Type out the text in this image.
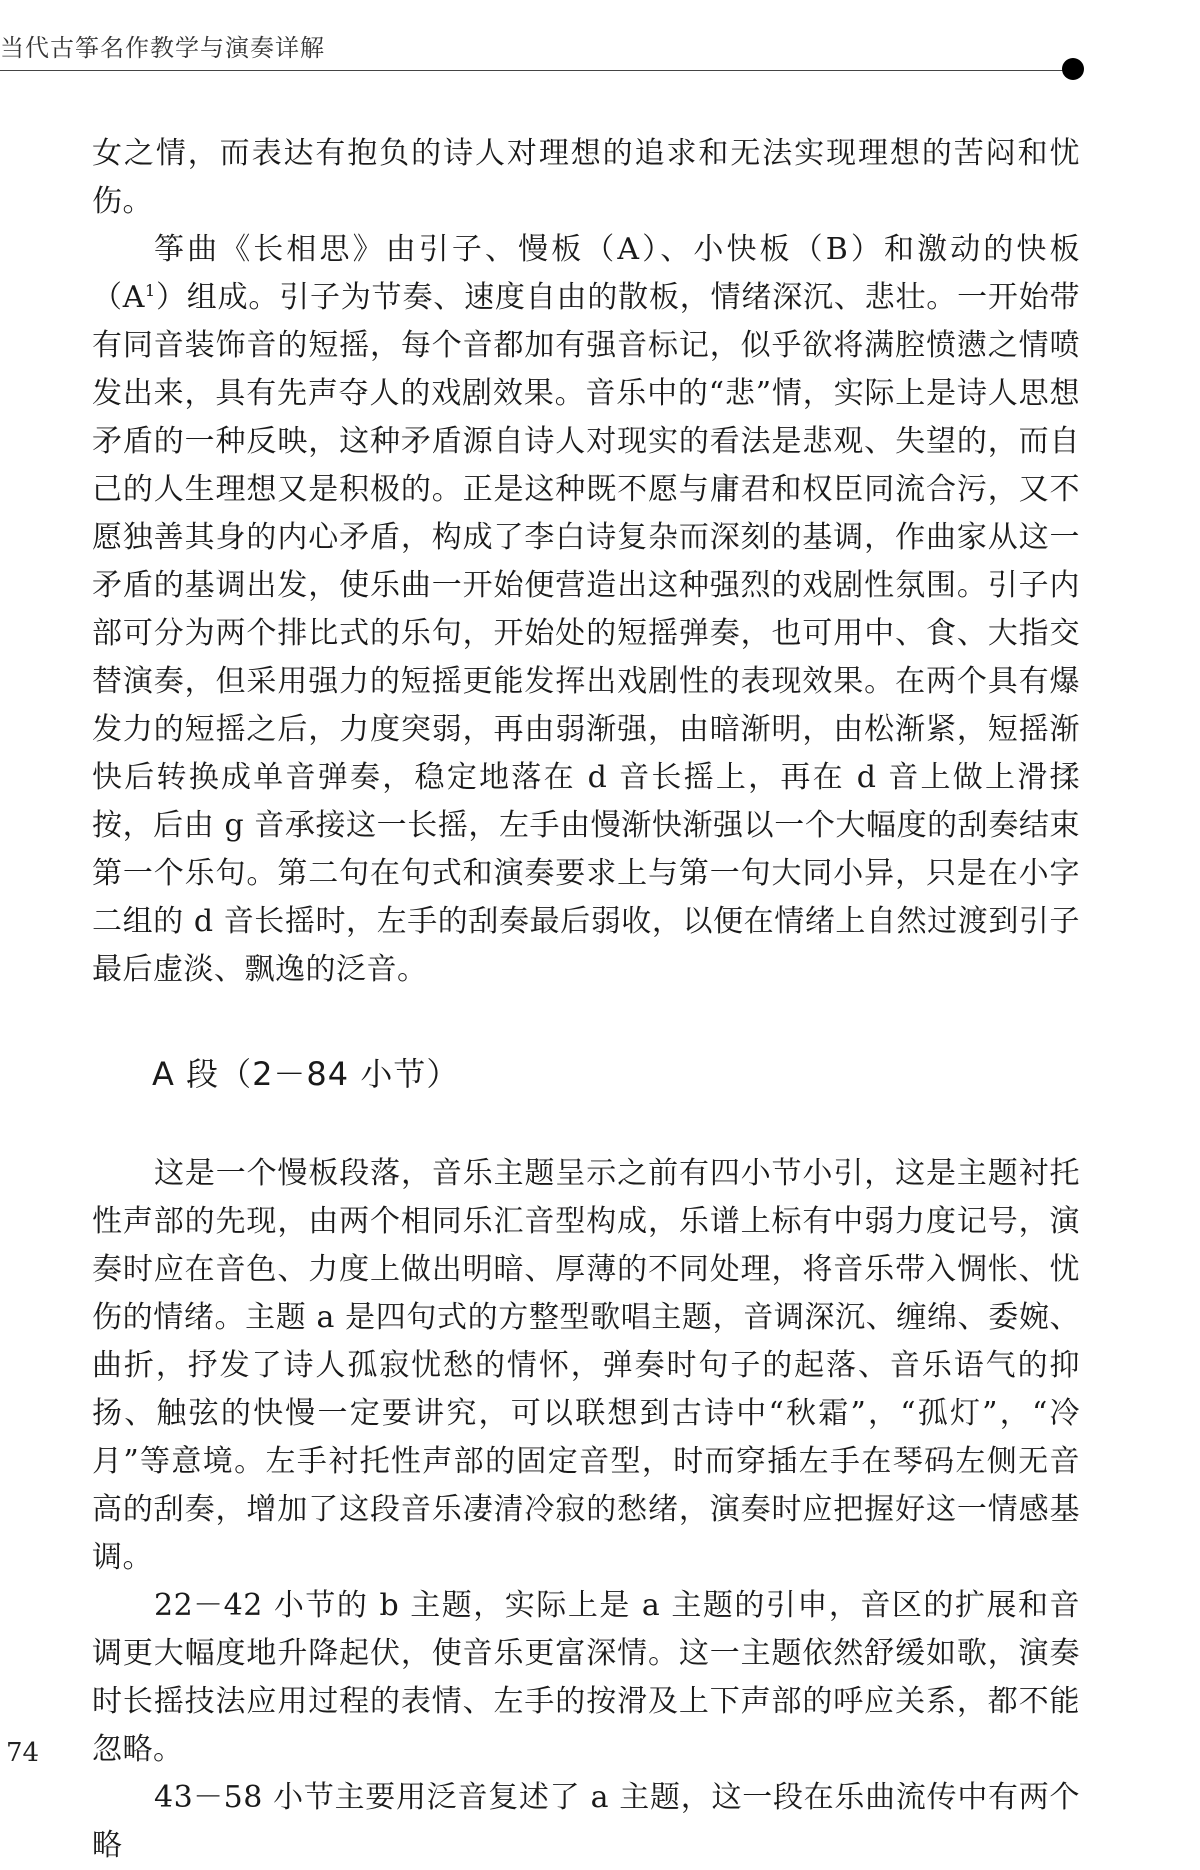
当代古筝名作教学与演奏详解

女之情，而表达有抱负的诗人对理想的追求和无法实现理想的苦闷和忧伤。

筝曲《长相思》由引子、慢板（A）、小快板（B）和激动的快板$(A^1)$组成。引子为节奏、速度自由的散板，情绪深沉、悲壮。一开始带有同音装饰音的短摇，每个音都加有强音标记，似乎欲将满腔愤懑之情喷发出来，具有先声夺人的戏剧效果。音乐中的“悲”情，实际上是诗人思想矛盾的一种反映，这种矛盾源自诗人对现实的看法是悲观、失望的，而自己的人生理想又是积极的。正是这种既不愿与庸君和权臣同流合污，又不愿独善其身的内心矛盾，构成了李白诗复杂而深刻的基调，作曲家从这一矛盾的基调出发，使乐曲一开始便营造出这种强烈的戏剧性氛围。引子内部可分为两个排比式的乐句，开始处的短摇弹奏，也可用中、食、大指交替演奏，但采用强力的短摇更能发挥出戏剧性的表现效果。在两个具有爆发力的短摇之后，力度突弱，再由弱渐强，由暗渐明，由松渐紧，短摇渐快后转换成单音弹奏，稳定地落在 d 音长摇上，再在 d 音上做上滑揉按，后由 g 音承接这一长摇，左手由慢渐快渐强以一个大幅度的刮奏结束第一个乐句。第二句在句式和演奏要求上与第一句大同小异，只是在小字二组的 d 音长摇时，左手的刮奏最后弱收，以便在情绪上自然过渡到引子最后虚淡、飘逸的泛音。

A 段（2－84 小节）

这是一个慢板段落，音乐主题呈示之前有四小节小引，这是主题衬托性声部的先现，由两个相同乐汇音型构成，乐谱上标有中弱力度记号，演奏时应在音色、力度上做出明暗、厚薄的不同处理，将音乐带入惆怅、忧伤的情绪。主题 a 是四句式的方整型歌唱主题，音调深沉、缠绵、委婉、曲折，抒发了诗人孤寂忧愁的情怀，弹奏时句子的起落、音乐语气的抑扬、触弦的快慢一定要讲究，可以联想到古诗中“秋霜”，“孤灯”，“冷月”等意境。左手衬托性声部的固定音型，时而穿插左手在琴码左侧无音高的刮奏，增加了这段音乐凄清冷寂的愁绪，演奏时应把握好这一情感基调。

22－42 小节的 b 主题，实际上是 a 主题的引申，音区的扩展和音调更大幅度地升降起伏，使音乐更富深情。这一主题依然舒缓如歌，演奏时长摇技法应用过程的表情、左手的按滑及上下声部的呼应关系，都不能忽略。

43－58 小节主要用泛音复述了 a 主题，这一段在乐曲流传中有两个略

74
